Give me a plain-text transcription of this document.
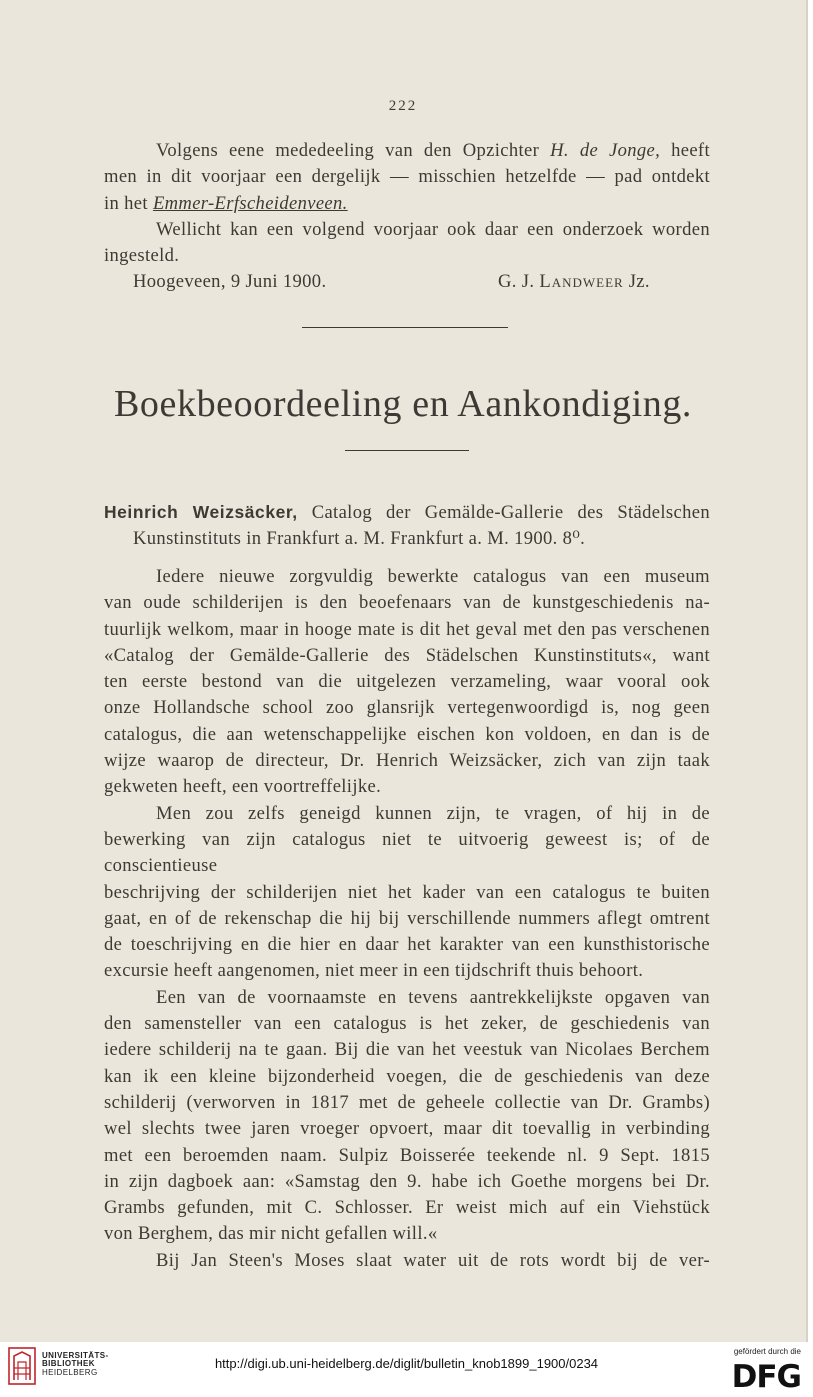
222

Volgens eene mededeeling van den Opzichter H. de Jonge, heeft

men in dit voorjaar een dergelijk — misschien hetzelfde — pad ontdekt

in het Emmer-Erfscheidenveen.

Wellicht kan een volgend voorjaar ook daar een onderzoek worden

ingesteld.

Hoogeveen, 9 Juni 1900.	G. J. Landweer Jz.

Boekbeoordeeling en Aankondiging.

Heinrich Weizsäcker, Catalog der Gemälde-Gallerie des Städelschen

Kunstinstituts in Frankfurt a. M. Frankfurt a. M. 1900. 8⁰.

Iedere nieuwe zorgvuldig bewerkte catalogus van een museum

van oude schilderijen is den beoefenaars van de kunstgeschiedenis na-

tuurlijk welkom, maar in hooge mate is dit het geval met den pas verschenen

«Catalog der Gemälde-Gallerie des Städelschen Kunstinstituts«, want

ten eerste bestond van die uitgelezen verzameling, waar vooral ook

onze Hollandsche school zoo glansrijk vertegenwoordigd is, nog geen

catalogus, die aan wetenschappelijke eischen kon voldoen, en dan is de

wijze waarop de directeur, Dr. Henrich Weizsäcker, zich van zijn taak

gekweten heeft, een voortreffelijke.

Men zou zelfs geneigd kunnen zijn, te vragen, of hij in de

bewerking van zijn catalogus niet te uitvoerig geweest is; of de conscientieuse

beschrijving der schilderijen niet het kader van een catalogus te buiten

gaat, en of de rekenschap die hij bij verschillende nummers aflegt omtrent

de toeschrijving en die hier en daar het karakter van een kunsthistorische

excursie heeft aangenomen, niet meer in een tijdschrift thuis behoort.

Een van de voornaamste en tevens aantrekkelijkste opgaven van

den samensteller van een catalogus is het zeker, de geschiedenis van

iedere schilderij na te gaan. Bij die van het veestuk van Nicolaes Berchem

kan ik een kleine bijzonderheid voegen, die de geschiedenis van deze

schilderij (verworven in 1817 met de geheele collectie van Dr. Grambs)

wel slechts twee jaren vroeger opvoert, maar dit toevallig in verbinding

met een beroemden naam. Sulpiz Boisserée teekende nl. 9 Sept. 1815

in zijn dagboek aan: «Samstag den 9. habe ich Goethe morgens bei Dr.

Grambs gefunden, mit C. Schlosser. Er weist mich auf ein Viehstück

von Berghem, das mir nicht gefallen will.«

Bij Jan Steen's Moses slaat water uit de rots wordt bij de ver-

UNIVERSITÄTS-
BIBLIOTHEK
HEIDELBERG
http://digi.ub.uni-heidelberg.de/diglit/bulletin_knob1899_1900/0234
gefördert durch die
DFG
